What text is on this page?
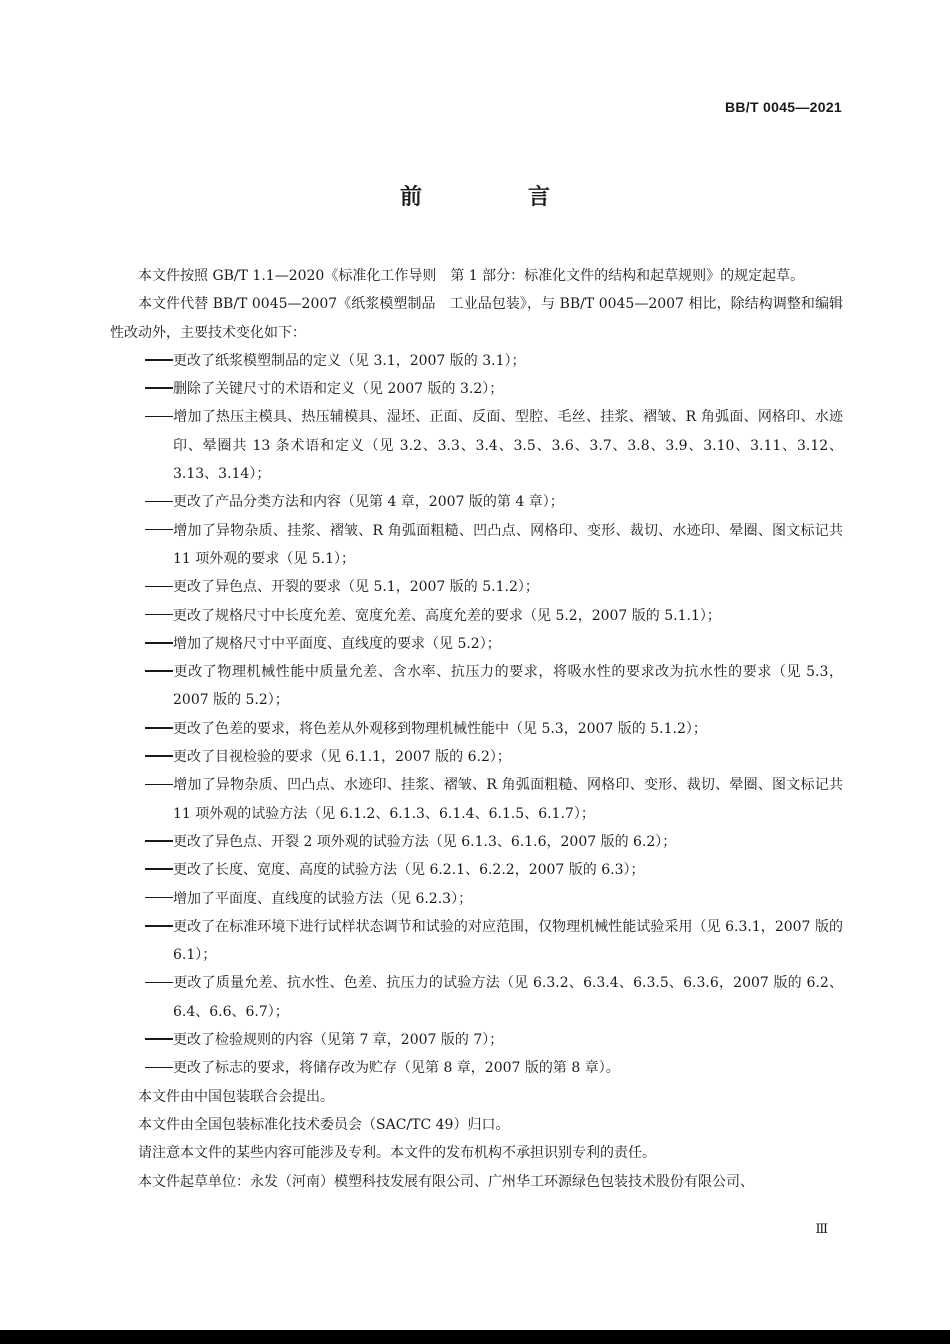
BB/T 0045—2021

前　言

本文件按照 GB/T 1.1—2020《标准化工作导则　第 1 部分：标准化文件的结构和起草规则》的规定起草。

本文件代替 BB/T 0045—2007《纸浆模塑制品　工业品包装》，与 BB/T 0045—2007 相比，除结构调整和编辑性改动外，主要技术变化如下：

更改了纸浆模塑制品的定义（见 3.1，2007 版的 3.1）；

删除了关键尺寸的术语和定义（见 2007 版的 3.2）；

增加了热压主模具、热压辅模具、湿坯、正面、反面、型腔、毛丝、挂浆、褶皱、R 角弧面、网格印、水迹印、晕圈共 13 条术语和定义（见 3.2、3.3、3.4、3.5、3.6、3.7、3.8、3.9、3.10、3.11、3.12、3.13、3.14）；

更改了产品分类方法和内容（见第 4 章，2007 版的第 4 章）；

增加了异物杂质、挂浆、褶皱、R 角弧面粗糙、凹凸点、网格印、变形、裁切、水迹印、晕圈、图文标记共 11 项外观的要求（见 5.1）；

更改了异色点、开裂的要求（见 5.1，2007 版的 5.1.2）；

更改了规格尺寸中长度允差、宽度允差、高度允差的要求（见 5.2，2007 版的 5.1.1）；

增加了规格尺寸中平面度、直线度的要求（见 5.2）；

更改了物理机械性能中质量允差、含水率、抗压力的要求，将吸水性的要求改为抗水性的要求（见 5.3，2007 版的 5.2）；

更改了色差的要求，将色差从外观移到物理机械性能中（见 5.3，2007 版的 5.1.2）；

更改了目视检验的要求（见 6.1.1，2007 版的 6.2）；

增加了异物杂质、凹凸点、水迹印、挂浆、褶皱、R 角弧面粗糙、网格印、变形、裁切、晕圈、图文标记共 11 项外观的试验方法（见 6.1.2、6.1.3、6.1.4、6.1.5、6.1.7）；

更改了异色点、开裂 2 项外观的试验方法（见 6.1.3、6.1.6，2007 版的 6.2）；

更改了长度、宽度、高度的试验方法（见 6.2.1、6.2.2，2007 版的 6.3）；

增加了平面度、直线度的试验方法（见 6.2.3）；

更改了在标准环境下进行试样状态调节和试验的对应范围，仅物理机械性能试验采用（见 6.3.1，2007 版的 6.1）；

更改了质量允差、抗水性、色差、抗压力的试验方法（见 6.3.2、6.3.4、6.3.5、6.3.6，2007 版的 6.2、6.4、6.6、6.7）；

更改了检验规则的内容（见第 7 章，2007 版的 7）；

更改了标志的要求，将储存改为贮存（见第 8 章，2007 版的第 8 章）。

本文件由中国包装联合会提出。

本文件由全国包装标准化技术委员会（SAC/TC 49）归口。

请注意本文件的某些内容可能涉及专利。本文件的发布机构不承担识别专利的责任。

本文件起草单位：永发（河南）模塑科技发展有限公司、广州华工环源绿色包装技术股份有限公司、

Ⅲ
